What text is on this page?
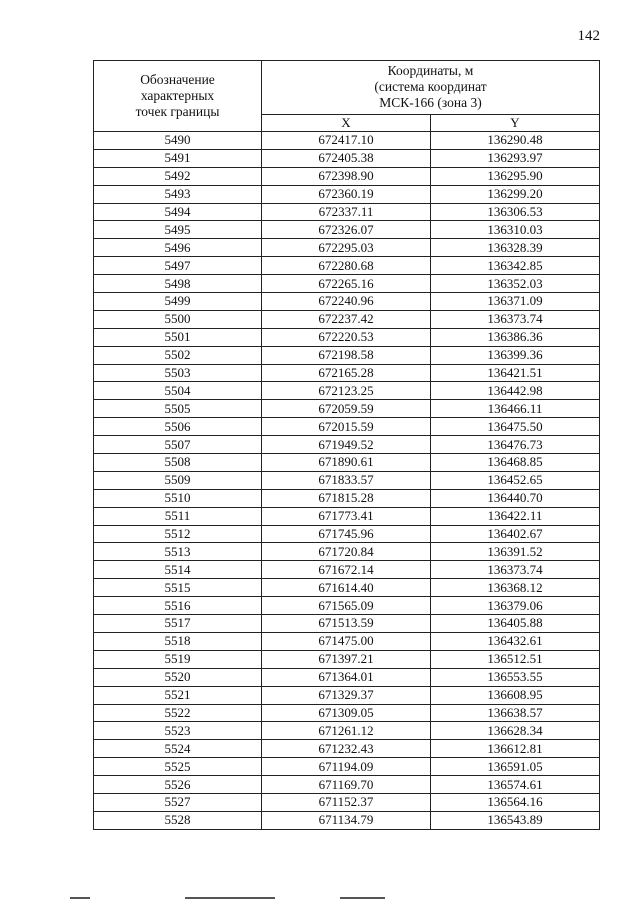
142
Обозначение
характерных
точек границы	Координаты, м
(система координат
МСК-166 (зона 3)	

	X	Y
5490	672417.10	136290.48
5491	672405.38	136293.97
5492	672398.90	136295.90
5493	672360.19	136299.20
5494	672337.11	136306.53
5495	672326.07	136310.03
5496	672295.03	136328.39
5497	672280.68	136342.85
5498	672265.16	136352.03
5499	672240.96	136371.09
5500	672237.42	136373.74
5501	672220.53	136386.36
5502	672198.58	136399.36
5503	672165.28	136421.51
5504	672123.25	136442.98
5505	672059.59	136466.11
5506	672015.59	136475.50
5507	671949.52	136476.73
5508	671890.61	136468.85
5509	671833.57	136452.65
5510	671815.28	136440.70
5511	671773.41	136422.11
5512	671745.96	136402.67
5513	671720.84	136391.52
5514	671672.14	136373.74
5515	671614.40	136368.12
5516	671565.09	136379.06
5517	671513.59	136405.88
5518	671475.00	136432.61
5519	671397.21	136512.51
5520	671364.01	136553.55
5521	671329.37	136608.95
5522	671309.05	136638.57
5523	671261.12	136628.34
5524	671232.43	136612.81
5525	671194.09	136591.05
5526	671169.70	136574.61
5527	671152.37	136564.16
5528	671134.79	136543.89
